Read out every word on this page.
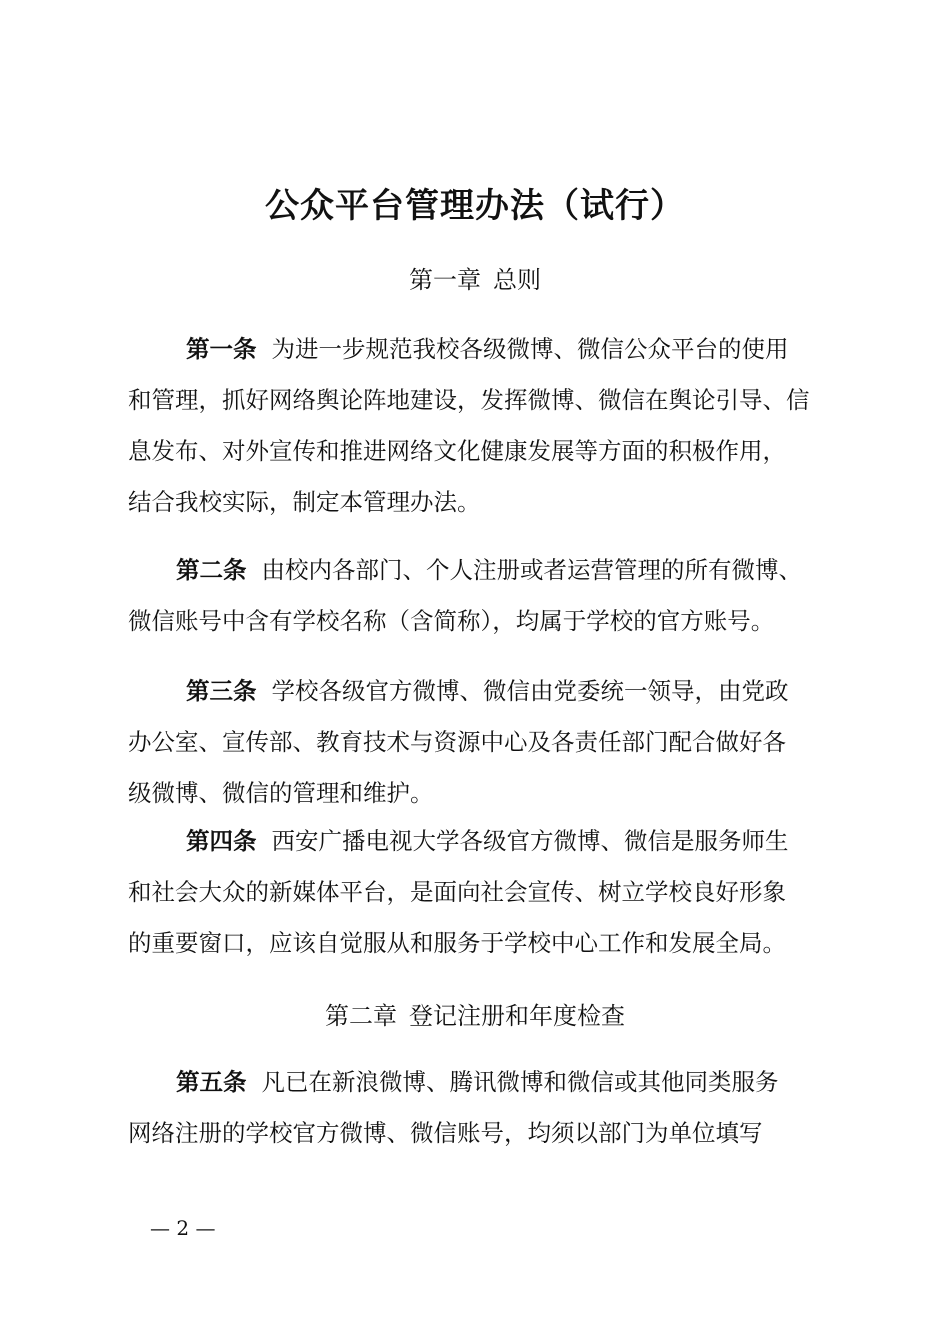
公众平台管理办法（试行）
第一章 总则
第一条 为进一步规范我校各级微博、微信公众平台的使用
和管理，抓好网络舆论阵地建设，发挥微博、微信在舆论引导、信
息发布、对外宣传和推进网络文化健康发展等方面的积极作用，
结合我校实际，制定本管理办法。
第二条 由校内各部门、个人注册或者运营管理的所有微博、
微信账号中含有学校名称（含简称），均属于学校的官方账号。
第三条 学校各级官方微博、微信由党委统一领导，由党政
办公室、宣传部、教育技术与资源中心及各责任部门配合做好各
级微博、微信的管理和维护。
第四条 西安广播电视大学各级官方微博、微信是服务师生
和社会大众的新媒体平台，是面向社会宣传、树立学校良好形象
的重要窗口，应该自觉服从和服务于学校中心工作和发展全局。
第二章 登记注册和年度检查
第五条 凡已在新浪微博、腾讯微博和微信或其他同类服务
网络注册的学校官方微博、微信账号，均须以部门为单位填写
— 2 —
